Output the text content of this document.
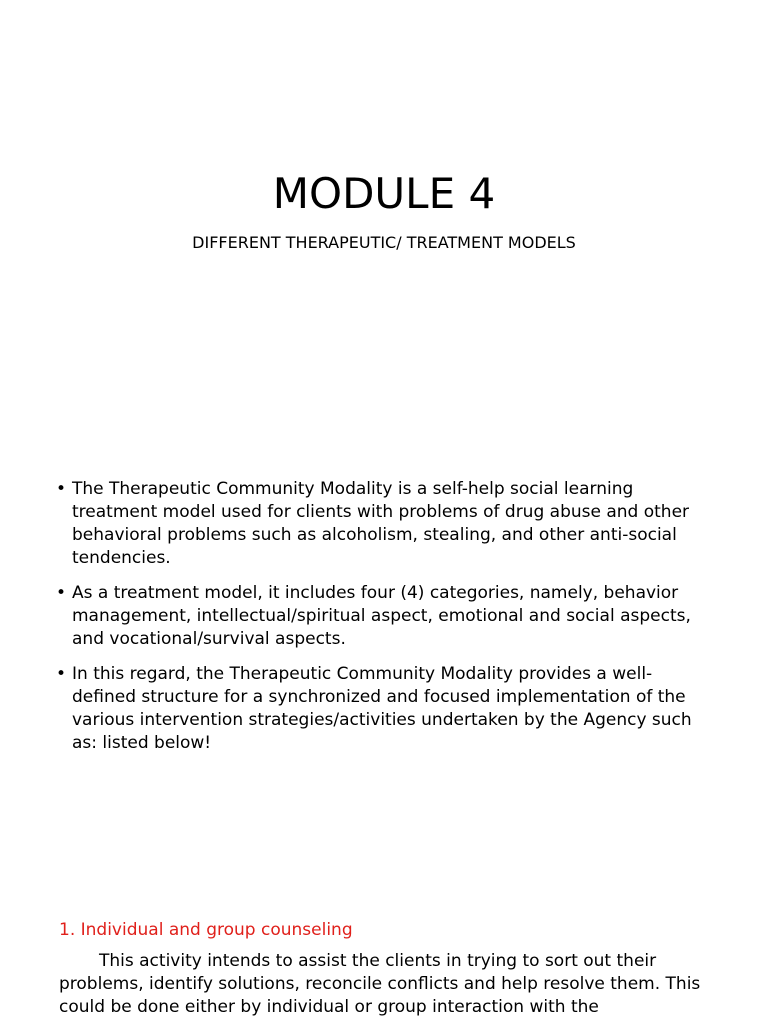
MODULE 4

DIFFERENT THERAPEUTIC/ TREATMENT MODELS

• The Therapeutic Community Modality is a self-help social learning treatment model used for clients with problems of drug abuse and other behavioral problems such as alcoholism, stealing, and other anti-social tendencies.
• As a treatment model, it includes four (4) categories, namely, behavior management, intellectual/spiritual aspect, emotional and social aspects, and vocational/survival aspects.
• In this regard, the Therapeutic Community Modality provides a well-defined structure for a synchronized and focused implementation of the various intervention strategies/activities undertaken by the Agency such as: listed below!
1. Individual and group counseling

This activity intends to assist the clients in trying to sort out their problems, identify solutions, reconcile conflicts and help resolve them. This could be done either by individual or group interaction with the
